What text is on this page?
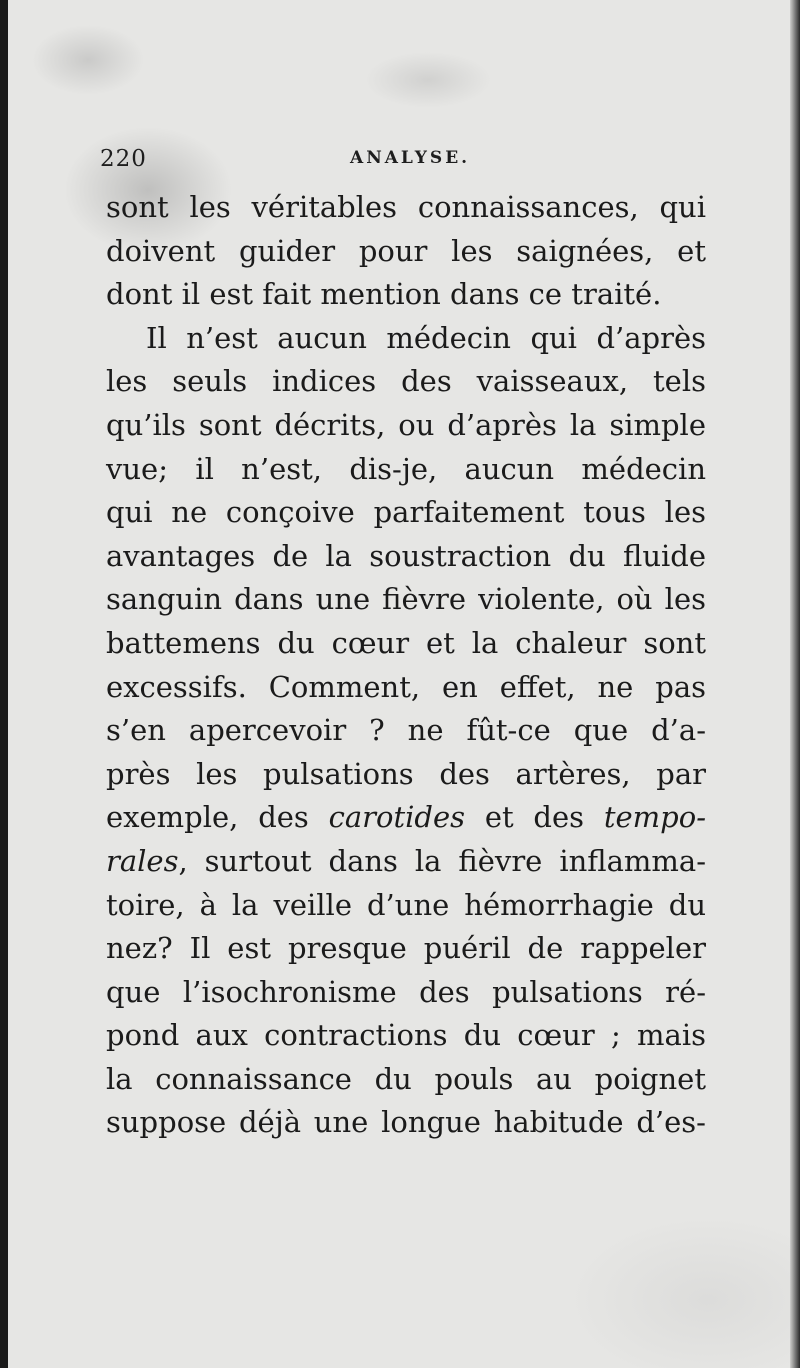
220	ANALYSE.
sont les véritables connaissances, qui
doivent guider pour les saignées, et
dont il est fait mention dans ce traité.
Il n’est aucun médecin qui d’après
les seuls indices des vaisseaux, tels
qu’ils sont décrits, ou d’après la simple
vue; il n’est, dis-je, aucun médecin
qui ne conçoive parfaitement tous les
avantages de la soustraction du fluide
sanguin dans une fièvre violente, où les
battemens du cœur et la chaleur sont
excessifs. Comment, en effet, ne pas
s’en apercevoir ? ne fût-ce que d’a-
près les pulsations des artères, par
exemple, des carotides et des tempo-
rales, surtout dans la fièvre inflamma-
toire, à la veille d’une hémorrhagie du
nez? Il est presque puéril de rappeler
que l’isochronisme des pulsations ré-
pond aux contractions du cœur ; mais
la connaissance du pouls au poignet
suppose déjà une longue habitude d’es-
